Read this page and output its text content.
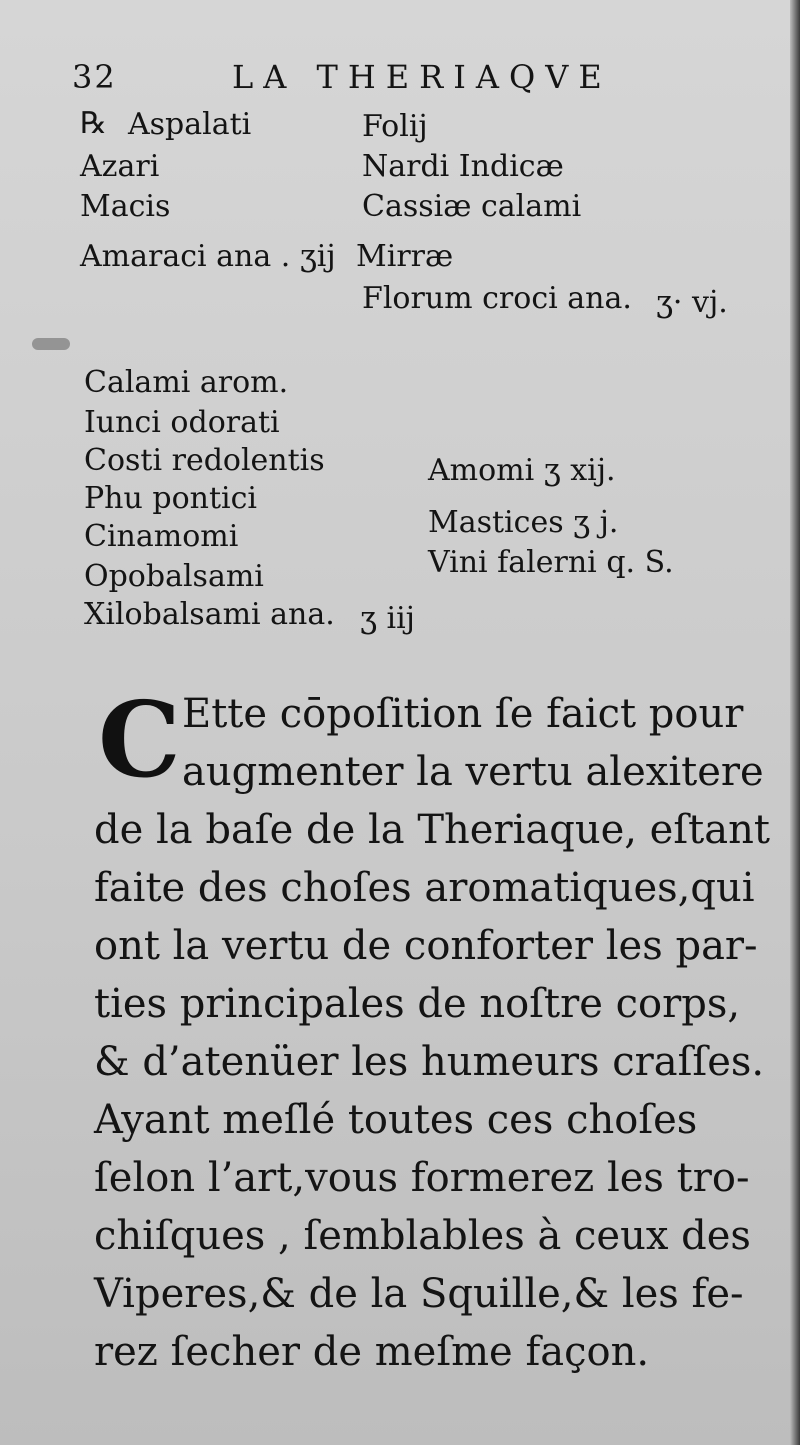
32	LA THERIAQVE
℞ Aspalati
Azari
Macis
Folij
Nardi Indicæ
Cassiæ calami
Amaraci ana . ʒij Mirræ
Florum croci ana. ʒ· vj.
Calami arom.
Iunci odorati
Costi redolentis
Phu pontici
Cinamomi
Opobalsami
Xilobalsami ana. ʒ iij
Amomi ʒ xij.
Mastices ʒ j.
Vini falerni q. S.
C Ette cōpoſition ſe faict pour
augmenter la vertu alexitere
de la baſe de la Theriaque, eſtant
faite des choſes aromatiques,qui
ont la vertu de conforter les par-
ties principales de noſtre corps,
& d’atenüer les humeurs craſſes.
Ayant meſlé toutes ces choſes
ſelon l’art,vous formerez les tro-
chiſques , ſemblables à ceux des
Viperes,& de la Squille,& les fe-
rez ſecher de meſme façon.
